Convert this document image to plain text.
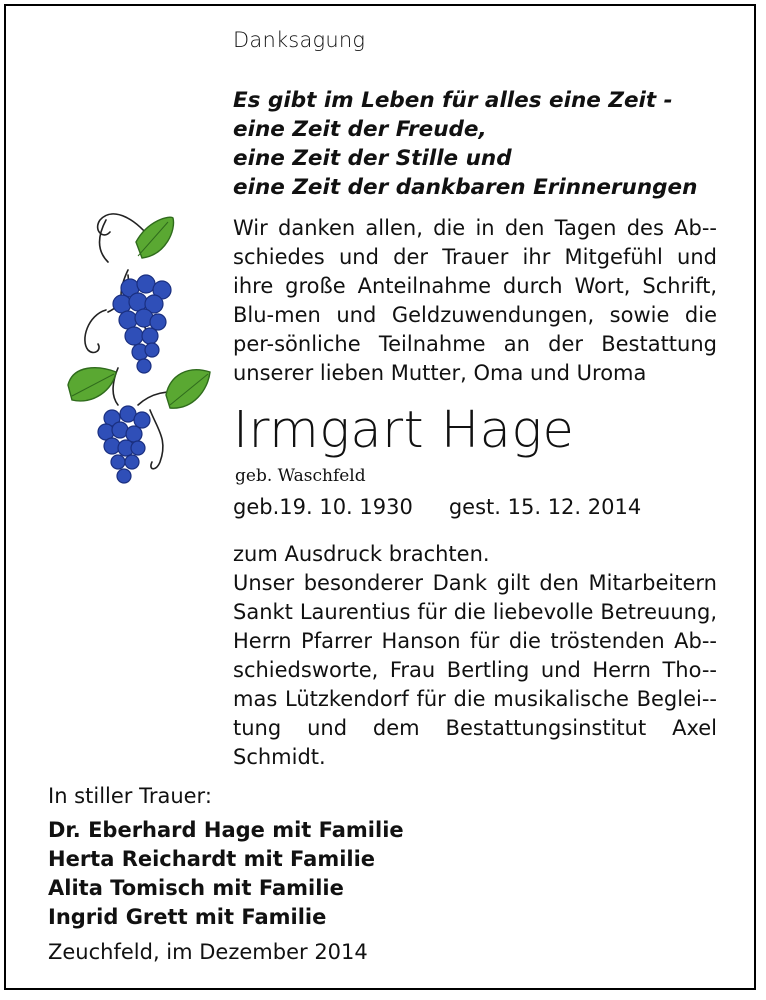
Danksagung
Es gibt im Leben für alles eine Zeit -
eine Zeit der Freude,
eine Zeit der Stille und
eine Zeit der dankbaren Erinnerungen

Wir danken allen, die in den Tagen des Ab-schiedes und der Trauer ihr Mitgefühl und ihre große Anteilnahme durch Wort, Schrift, Blu-men und Geldzuwendungen, sowie die per-sönliche Teilnahme an der Bestattung unserer lieben Mutter, Oma und Uroma

Irmgart Hage
geb. Waschfeld
geb.19. 10. 1930 gest. 15. 12. 2014
zum Ausdruck brachten.
Unser besonderer Dank gilt den Mitarbeitern Sankt Laurentius für die liebevolle Betreuung, Herrn Pfarrer Hanson für die tröstenden Ab-schiedsworte, Frau Bertling und Herrn Tho-mas Lützkendorf für die musikalische Beglei-tung und dem Bestattungsinstitut Axel Schmidt.
In stiller Trauer:
Dr. Eberhard Hage mit Familie
Herta Reichardt mit Familie
Alita Tomisch mit Familie
Ingrid Grett mit Familie
Zeuchfeld, im Dezember 2014
